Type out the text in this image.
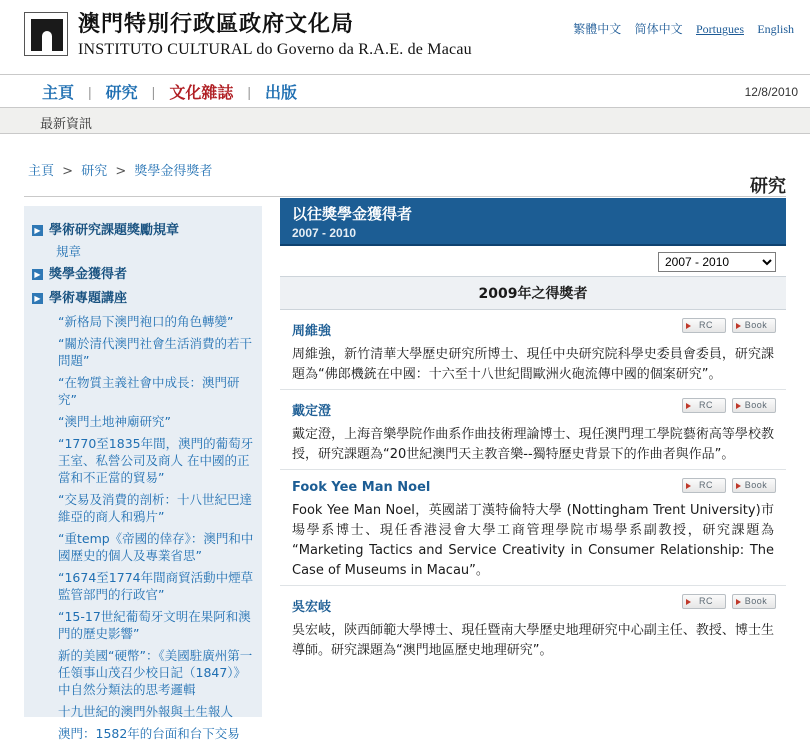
澳門特別行政區政府文化局
INSTITUTO CULTURAL do Governo da R.A.E. de Macau
繁體中文 简体中文 Portugues English
主頁 | 研究 | 文化雜誌 | 出版	12/8/2010
最新資訊
主頁 > 研究 > 獎學金得獎者
研究
▶ 學術研究課題獎勵規章
規章
▶ 獎學金獲得者
▶ 學術專題講座
“新格局下澳門袍口的角色轉變”
“關於清代澳門社會生活消費的若干問題”
“在物質主義社會中成長：澳門研究”
“澳門土地神廟研究”
“1770至1835年間，澳門的葡萄牙王室、私營公司及商人 在中國的正當和不正當的貿易”
“交易及消費的剖析：十八世紀巴達維亞的商人和鴉片”
“重temp《帝國的倖存》：澳門和中國歷史的個人及專業省思”
“1674至1774年間商貿活動中煙草監管部門的行政官”
“15-17世紀葡萄牙文明在果阿和澳門的歷史影響”
新的美國“硬幣”：《美國駐廣州第一任領事山茂召少校日記（1847）》中自然分類法的思考邏輯
十九世紀的澳門外報與土生報人
澳門：1582年的台面和台下交易
以往獎學金獲得者
2007 - 2010
2007 - 2010
2009年之得獎者
周維強	RC	Book
周維強，新竹清華大學歷史研究所博士、現任中央研究院科學史委員會委員，研究課題為“佛郎機銃在中國：十六至十八世紀間歐洲火砲流傳中國的個案研究”。
戴定澄	RC	Book
戴定澄，上海音樂學院作曲系作曲技術理論博士、現任澳門理工學院藝術高等學校教授，研究課題為“20世紀澳門天主教音樂--獨特歷史背景下的作曲者與作品”。
Fook Yee Man Noel	RC	Book
Fook Yee Man Noel，英國諾丁漢特倫特大學 (Nottingham Trent University)市場學系博士、現任香港浸會大學工商管理學院市場學系副教授，研究課題為 “Marketing Tactics and Service Creativity in Consumer Relationship: The Case of Museums in Macau”。
吳宏岐	RC	Book
吳宏岐，陝西師範大學博士、現任暨南大學歷史地理研究中心副主任、教授、博士生導師。研究課題為“澳門地區歷史地理研究”。
